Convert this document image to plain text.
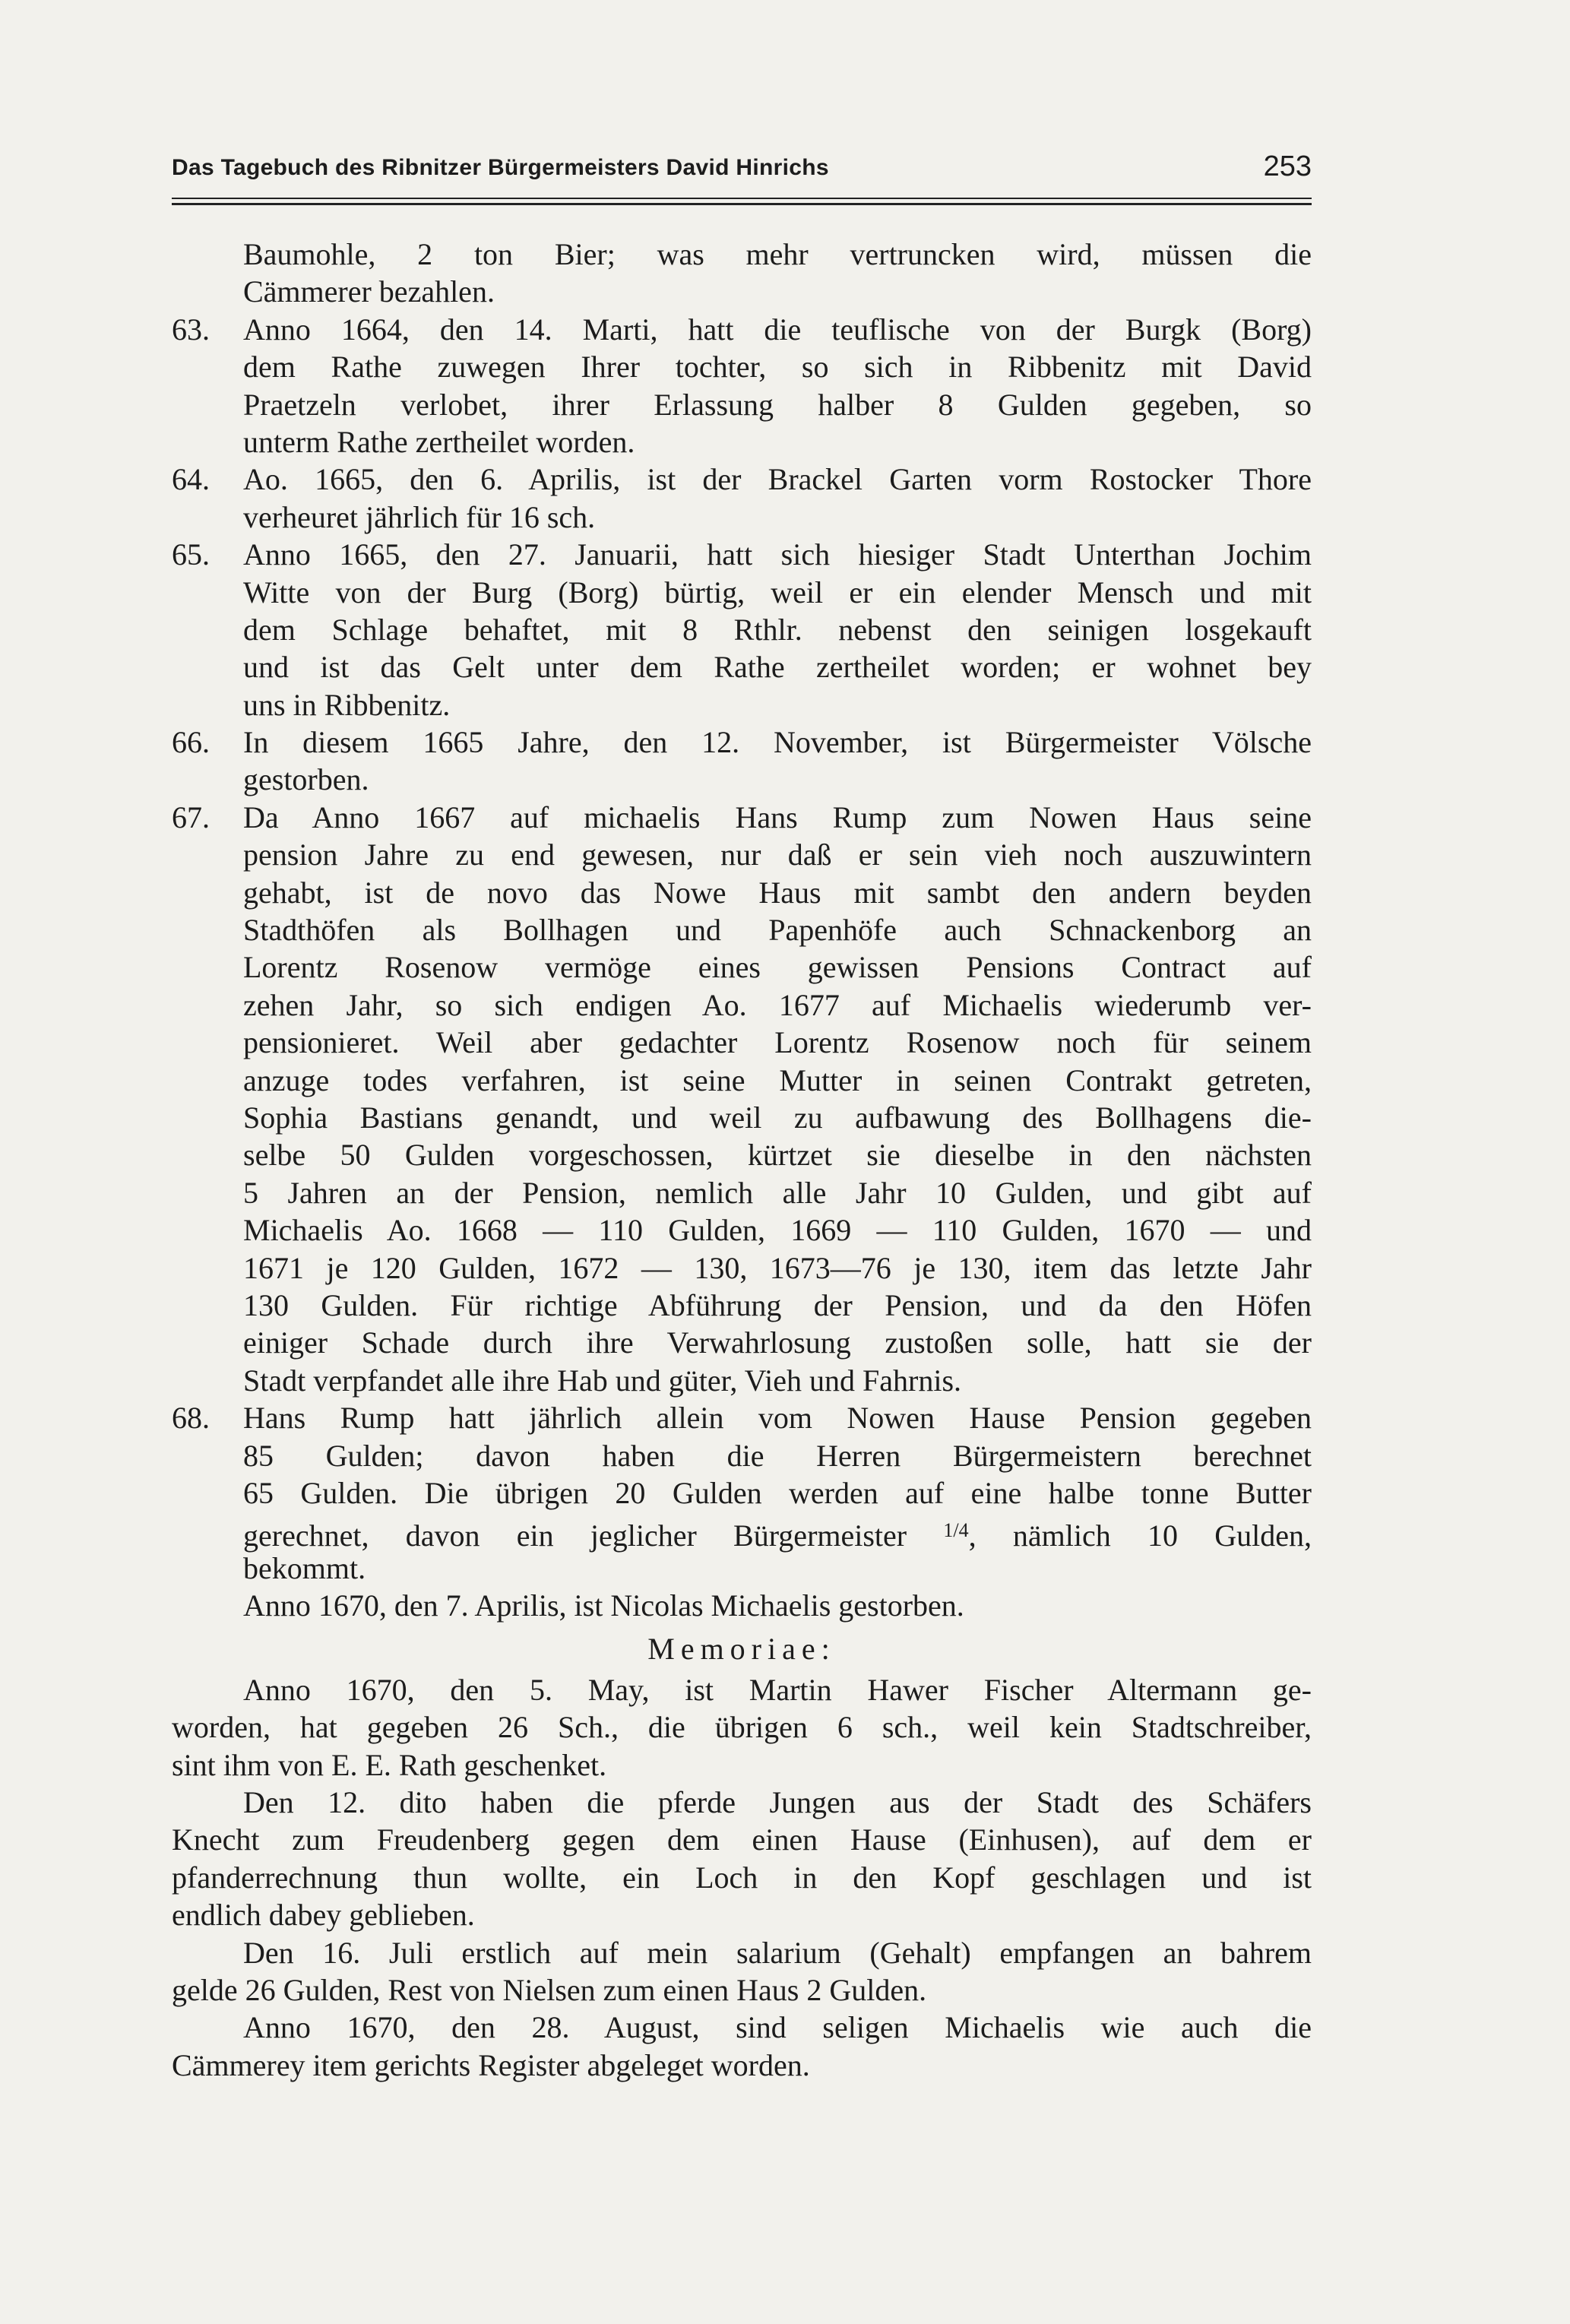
Das Tagebuch des Ribnitzer Bürgermeisters David Hinrichs	253
Baumohle, 2 ton Bier; was mehr vertruncken wird, müssen die
Cämmerer bezahlen.
63.	Anno 1664, den 14. Marti, hatt die teuflische von der Burgk (Borg)
dem Rathe zuwegen Ihrer tochter, so sich in Ribbenitz mit David
Praetzeln verlobet, ihrer Erlassung halber 8 Gulden gegeben, so
unterm Rathe zertheilet worden.
64.	Ao. 1665, den 6. Aprilis, ist der Brackel Garten vorm Rostocker Thore
verheuret jährlich für 16 sch.
65.	Anno 1665, den 27. Januarii, hatt sich hiesiger Stadt Unterthan Jochim
Witte von der Burg (Borg) bürtig, weil er ein elender Mensch und mit
dem Schlage behaftet, mit 8 Rthlr. nebenst den seinigen losgekauft
und ist das Gelt unter dem Rathe zertheilet worden; er wohnet bey
uns in Ribbenitz.
66.	In diesem 1665 Jahre, den 12. November, ist Bürgermeister Völsche
gestorben.
67.	Da Anno 1667 auf michaelis Hans Rump zum Nowen Haus seine
pension Jahre zu end gewesen, nur daß er sein vieh noch auszuwintern
gehabt, ist de novo das Nowe Haus mit sambt den andern beyden
Stadthöfen als Bollhagen und Papenhöfe auch Schnackenborg an
Lorentz Rosenow vermöge eines gewissen Pensions Contract auf
zehen Jahr, so sich endigen Ao. 1677 auf Michaelis wiederumb ver-
pensionieret. Weil aber gedachter Lorentz Rosenow noch für seinem
anzuge todes verfahren, ist seine Mutter in seinen Contrakt getreten,
Sophia Bastians genandt, und weil zu aufbawung des Bollhagens die-
selbe 50 Gulden vorgeschossen, kürtzet sie dieselbe in den nächsten
5 Jahren an der Pension, nemlich alle Jahr 10 Gulden, und gibt auf
Michaelis Ao. 1668 — 110 Gulden, 1669 — 110 Gulden, 1670 — und
1671 je 120 Gulden, 1672 — 130, 1673—76 je 130, item das letzte Jahr
130 Gulden. Für richtige Abführung der Pension, und da den Höfen
einiger Schade durch ihre Verwahrlosung zustoßen solle, hatt sie der
Stadt verpfandet alle ihre Hab und güter, Vieh und Fahrnis.
68.	Hans Rump hatt jährlich allein vom Nowen Hause Pension gegeben
85 Gulden; davon haben die Herren Bürgermeistern berechnet
65 Gulden. Die übrigen 20 Gulden werden auf eine halbe tonne Butter
gerechnet, davon ein jeglicher Bürgermeister $^{1/4}$, nämlich 10 Gulden,
bekommt.
Anno 1670, den 7. Aprilis, ist Nicolas Michaelis gestorben.
Memoriae:
Anno 1670, den 5. May, ist Martin Hawer Fischer Altermann ge-
worden, hat gegeben 26 Sch., die übrigen 6 sch., weil kein Stadtschreiber,
sint ihm von E. E. Rath geschenket.
Den 12. dito haben die pferde Jungen aus der Stadt des Schäfers
Knecht zum Freudenberg gegen dem einen Hause (Einhusen), auf dem er
pfanderrechnung thun wollte, ein Loch in den Kopf geschlagen und ist
endlich dabey geblieben.
Den 16. Juli erstlich auf mein salarium (Gehalt) empfangen an bahrem
gelde 26 Gulden, Rest von Nielsen zum einen Haus 2 Gulden.
Anno 1670, den 28. August, sind seligen Michaelis wie auch die
Cämmerey item gerichts Register abgeleget worden.
